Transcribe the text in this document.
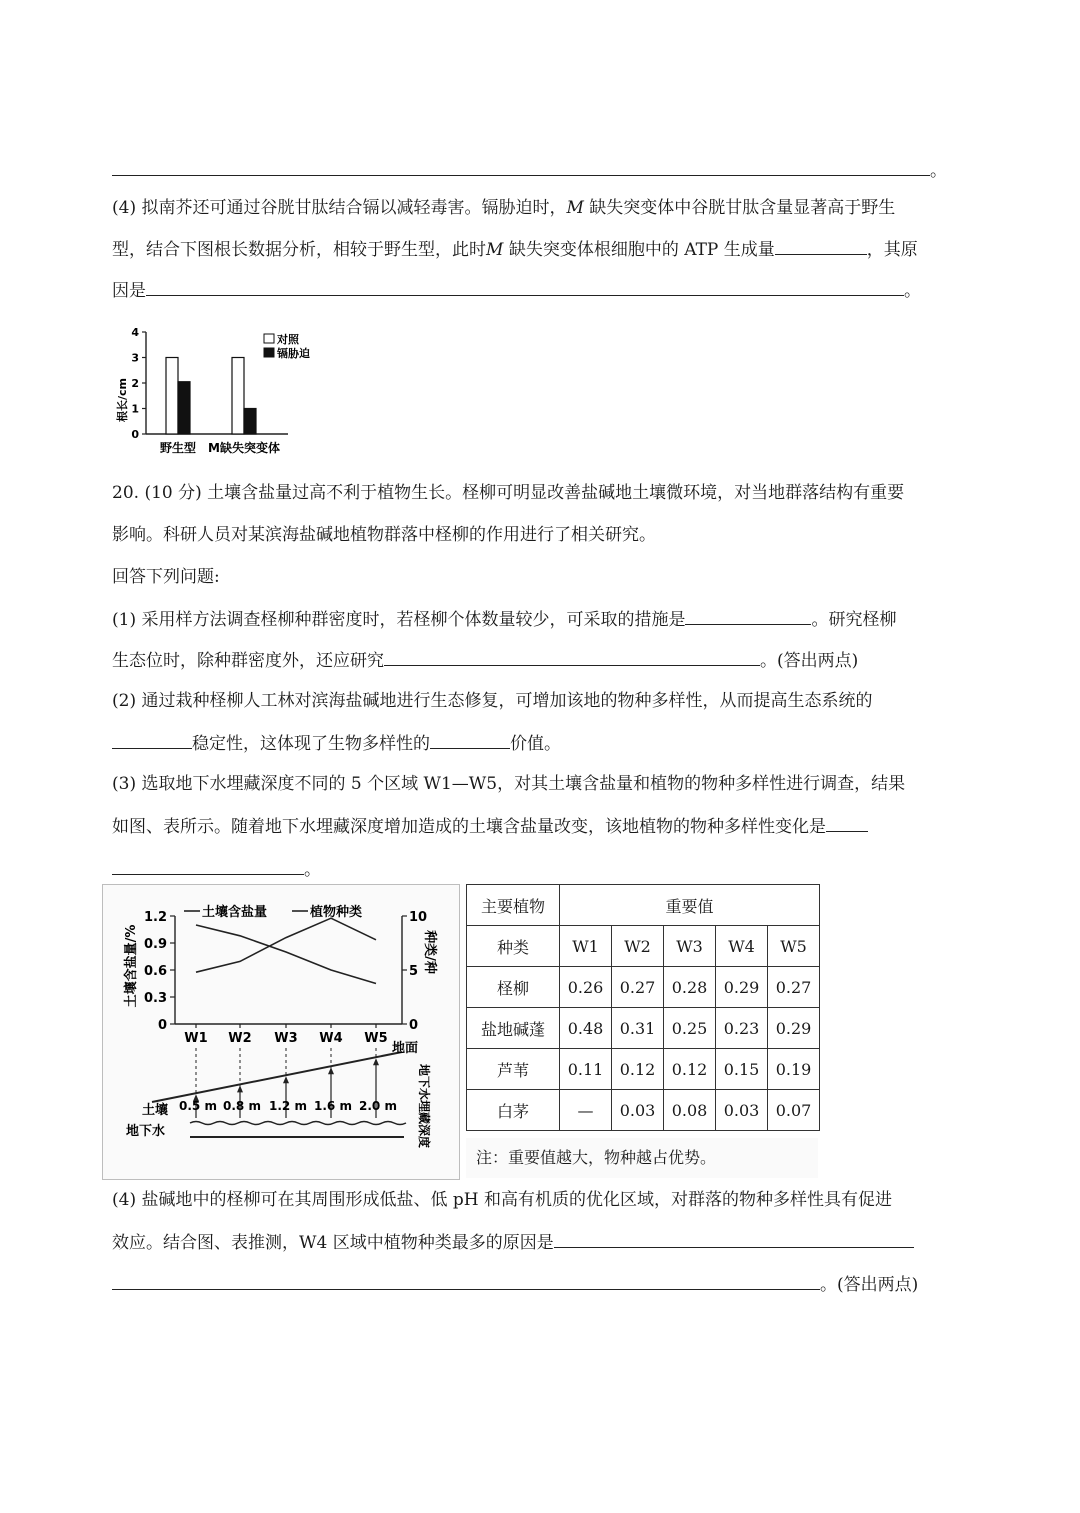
。
(4) 拟南芥还可通过谷胱甘肽结合镉以减轻毒害。镉胁迫时，M 缺失突变体中谷胱甘肽含量显著高于野生
型，结合下图根长数据分析，相较于野生型，此时M 缺失突变体根细胞中的 ATP 生成量	，其原
因是	。
根长/cm
0
1
2
3
4
野生型 M缺失突变体
对照
镉胁迫
20. (10 分) 土壤含盐量过高不利于植物生长。柽柳可明显改善盐碱地土壤微环境，对当地群落结构有重要
影响。科研人员对某滨海盐碱地植物群落中柽柳的作用进行了相关研究。
回答下列问题:
(1) 采用样方法调查柽柳种群密度时，若柽柳个体数量较少，可采取的措施是	。研究柽柳
生态位时，除种群密度外，还应研究	。(答出两点)
(2) 通过栽种柽柳人工林对滨海盐碱地进行生态修复，可增加该地的物种多样性，从而提高生态系统的
稳定性，这体现了生物多样性的	价值。
(3) 选取地下水埋藏深度不同的 5 个区域 W1—W5，对其土壤含盐量和植物的物种多样性进行调查，结果
如图、表所示。随着地下水埋藏深度增加造成的土壤含盐量改变，该地植物的物种多样性变化是
。
土壤含盐量/%	种类/种
0
0.3
0.6
0.9
1.2
0
5
10
W1 W2 W3 W4 W5
土壤含盐量	植物种类
0.5 m 0.8 m 1.2 m 1.6 m 2.0 m
地面
地下水埋藏深度
土壤
地下水
主要植物	重要值				
种类	W1	W2	W3	W4	W5
柽柳	0.26	0.27	0.28	0.29	0.27
盐地碱蓬	0.48	0.31	0.25	0.23	0.29
芦苇	0.11	0.12	0.12	0.15	0.19
白茅	—	0.03	0.08	0.03	0.07
注：重要值越大，物种越占优势。
(4) 盐碱地中的柽柳可在其周围形成低盐、低 pH 和高有机质的优化区域，对群落的物种多样性具有促进
效应。结合图、表推测，W4 区域中植物种类最多的原因是
。(答出两点)
